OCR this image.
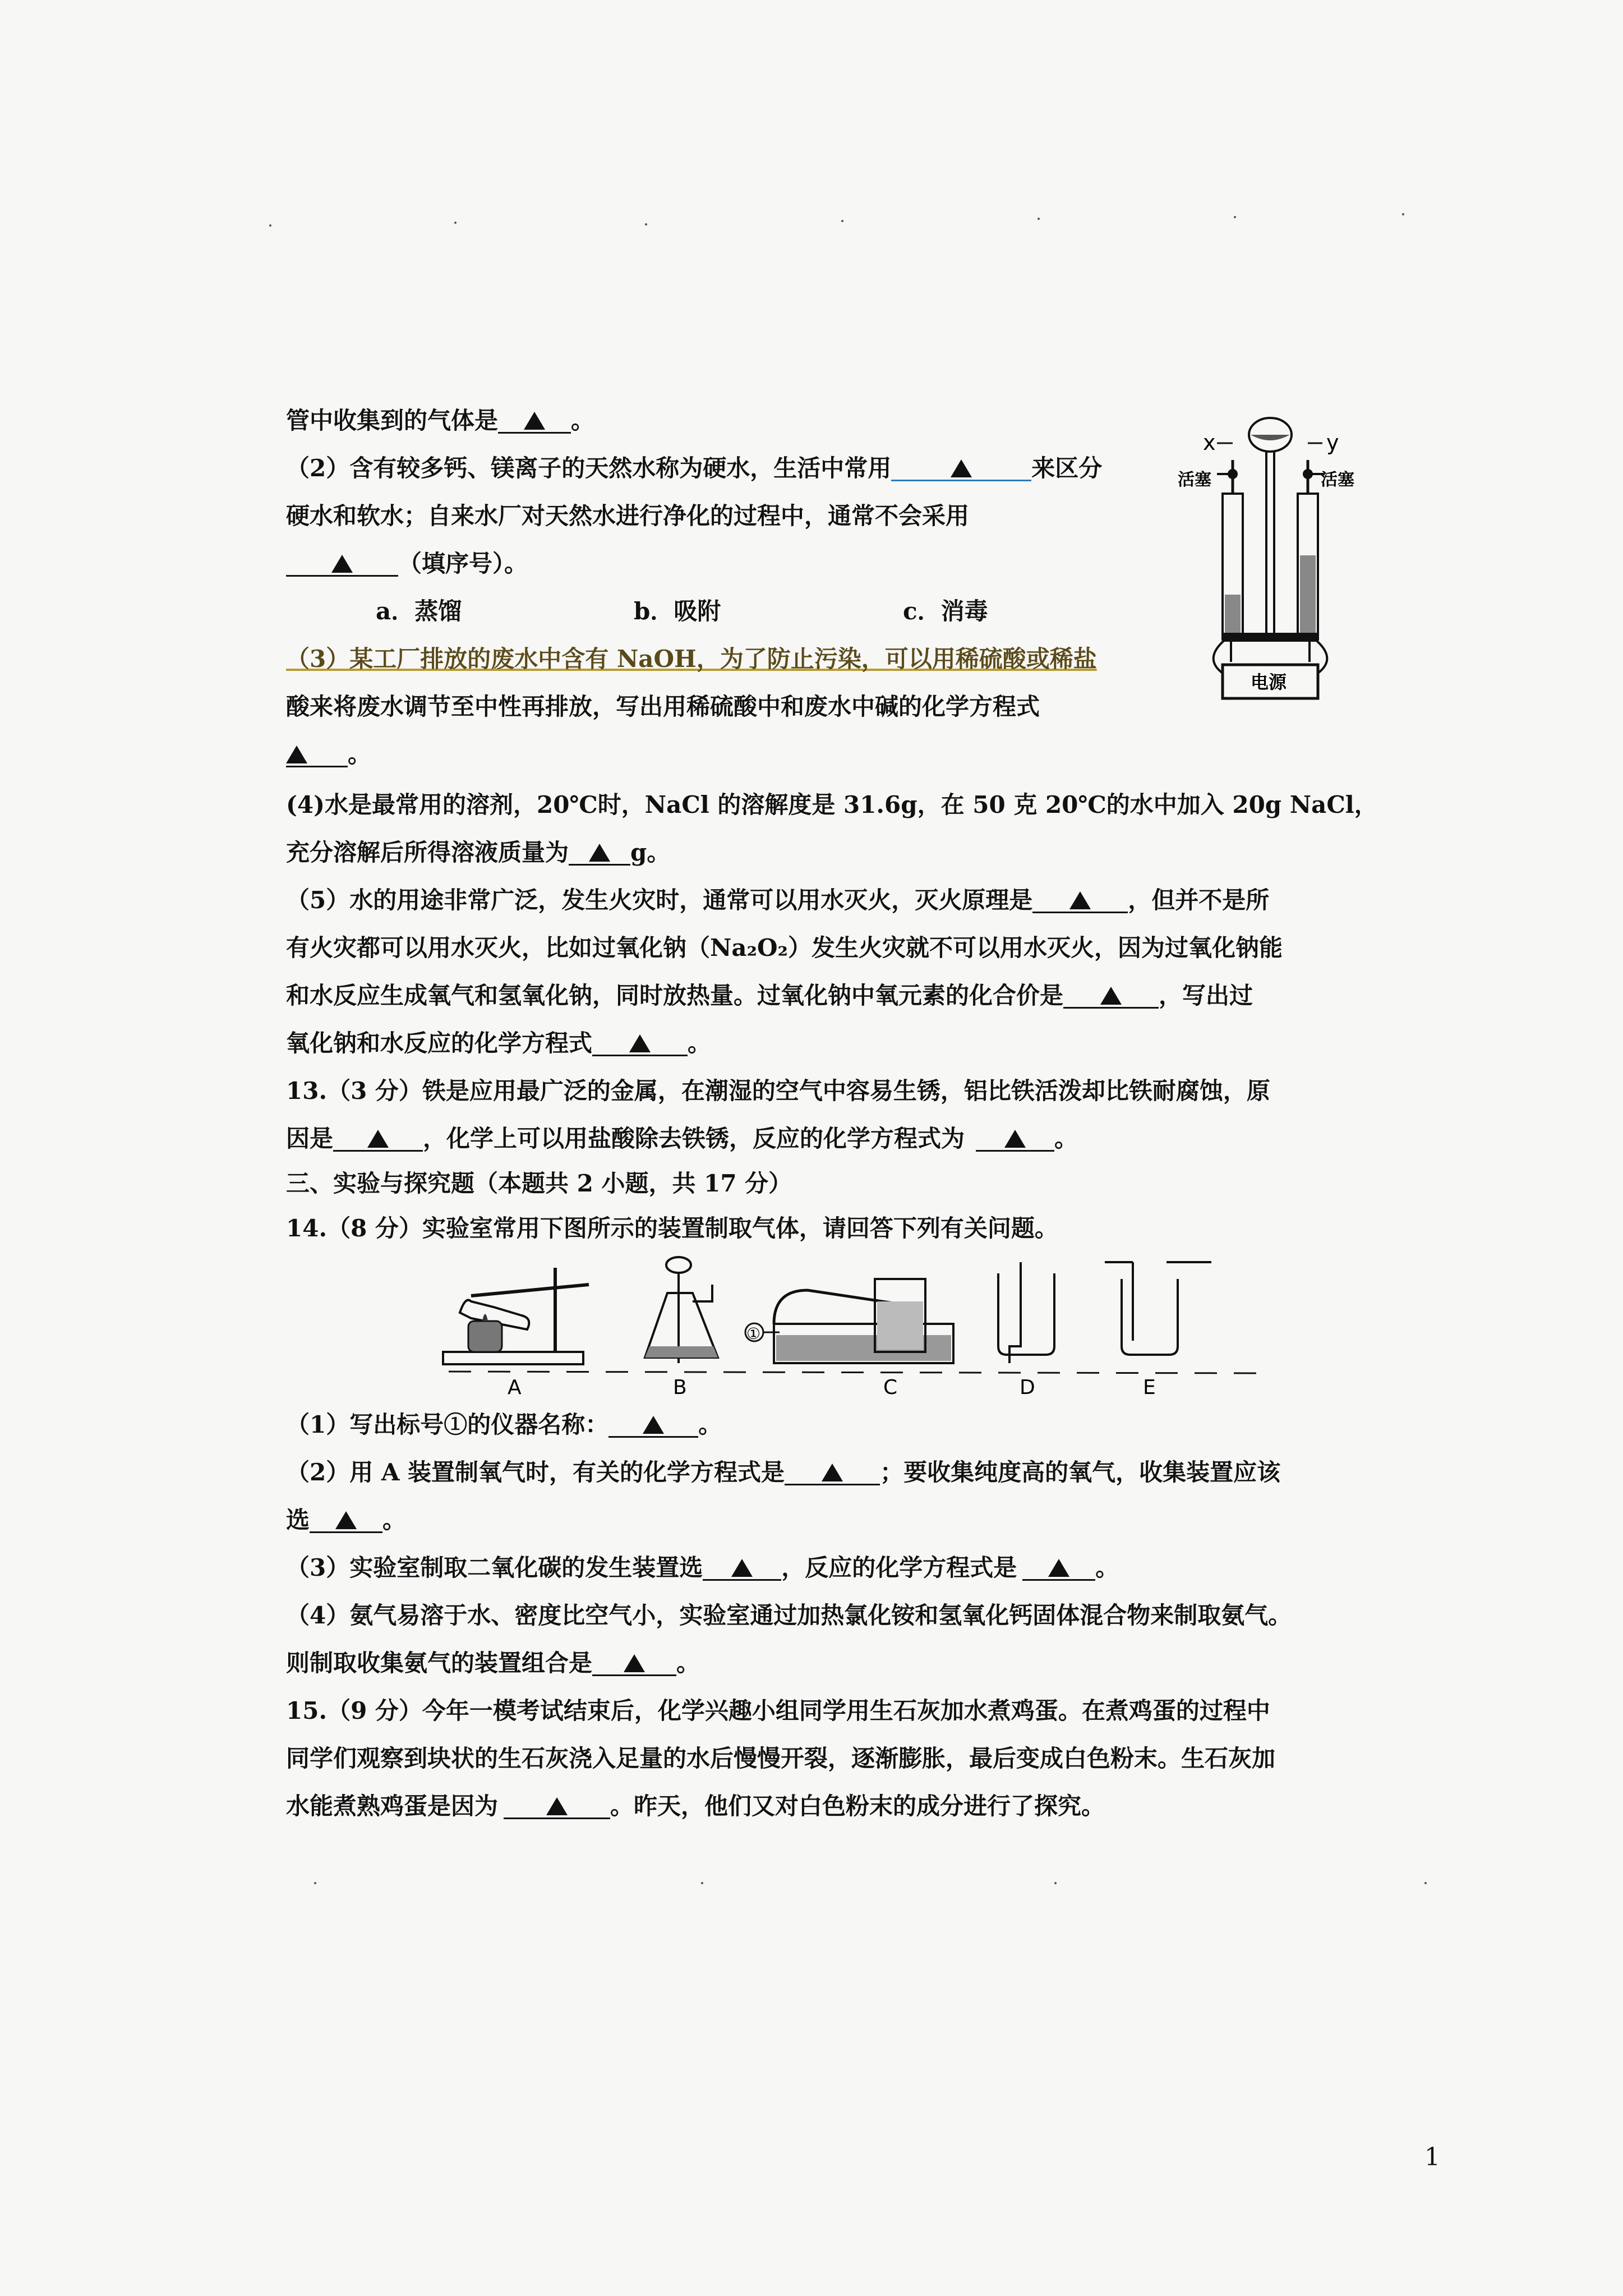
管中收集到的气体是	。
（2）含有较多钙、镁离子的天然水称为硬水，生活中常用	来区分
硬水和软水；自来水厂对天然水进行净化的过程中，通常不会采用
（填序号）。
a．蒸馏	b．吸附	c．消毒
（3）某工厂排放的废水中含有 NaOH，为了防止污染，可以用稀硫酸或稀盐
酸来将废水调节至中性再排放，写出用稀硫酸中和废水中碱的化学方程式
。
(4)水是最常用的溶剂，20℃时，NaCl 的溶解度是 31.6g，在 50 克 20℃的水中加入 20g NaCl，
充分溶解后所得溶液质量为	g。
（5）水的用途非常广泛，发生火灾时，通常可以用水灭火，灭火原理是	，但并不是所
有火灾都可以用水灭火，比如过氧化钠（Na₂O₂）发生火灾就不可以用水灭火，因为过氧化钠能
和水反应生成氧气和氢氧化钠，同时放热量。过氧化钠中氧元素的化合价是	，写出过
氧化钠和水反应的化学方程式	。
13.（3 分）铁是应用最广泛的金属，在潮湿的空气中容易生锈，铝比铁活泼却比铁耐腐蚀，原
因是	，化学上可以用盐酸除去铁锈，反应的化学方程式为	。
三、实验与探究题（本题共 2 小题，共 17 分）
14.（8 分）实验室常用下图所示的装置制取气体，请回答下列有关问题。
（1）写出标号①的仪器名称：	。
（2）用 A 装置制氧气时，有关的化学方程式是	；要收集纯度高的氧气，收集装置应该
选	。
（3）实验室制取二氧化碳的发生装置选	，反应的化学方程式是	。
（4）氨气易溶于水、密度比空气小，实验室通过加热氯化铵和氢氧化钙固体混合物来制取氨气。
则制取收集氨气的装置组合是	。
15.（9 分）今年一模考试结束后，化学兴趣小组同学用生石灰加水煮鸡蛋。在煮鸡蛋的过程中
同学们观察到块状的生石灰浇入足量的水后慢慢开裂，逐渐膨胀，最后变成白色粉末。生石灰加
水能煮熟鸡蛋是因为	。昨天，他们又对白色粉末的成分进行了探究。
x	y
活塞	活塞
电源
A	B	C	D	E
①
1
